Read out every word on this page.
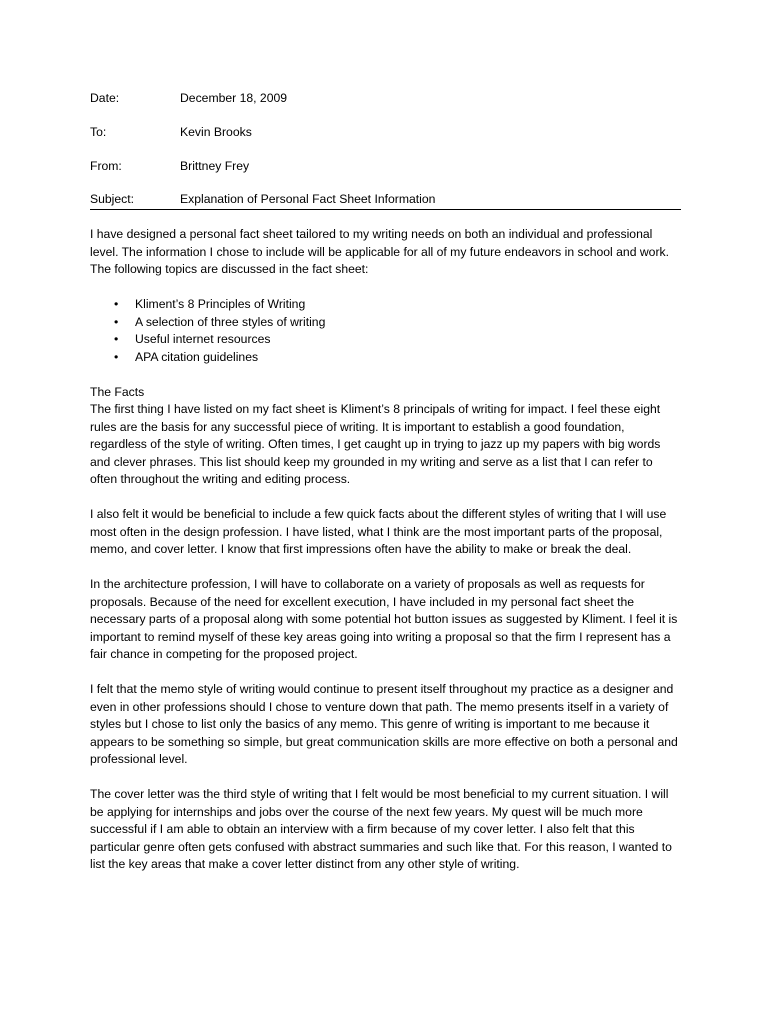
Date:	December 18, 2009
To:	Kevin Brooks
From:	Brittney Frey
Subject:	Explanation of Personal Fact Sheet Information

I have designed a personal fact sheet tailored to my writing needs on both an individual and professional level. The information I chose to include will be applicable for all of my future endeavors in school and work. The following topics are discussed in the fact sheet:

• Kliment’s 8 Principles of Writing
• A selection of three styles of writing
• Useful internet resources
• APA citation guidelines

The Facts

The first thing I have listed on my fact sheet is Kliment’s 8 principals of writing for impact. I feel these eight rules are the basis for any successful piece of writing. It is important to establish a good foundation, regardless of the style of writing. Often times, I get caught up in trying to jazz up my papers with big words and clever phrases. This list should keep my grounded in my writing and serve as a list that I can refer to often throughout the writing and editing process.

I also felt it would be beneficial to include a few quick facts about the different styles of writing that I will use most often in the design profession. I have listed, what I think are the most important parts of the proposal, memo, and cover letter. I know that first impressions often have the ability to make or break the deal.

In the architecture profession, I will have to collaborate on a variety of proposals as well as requests for proposals. Because of the need for excellent execution, I have included in my personal fact sheet the necessary parts of a proposal along with some potential hot button issues as suggested by Kliment. I feel it is important to remind myself of these key areas going into writing a proposal so that the firm I represent has a fair chance in competing for the proposed project.

I felt that the memo style of writing would continue to present itself throughout my practice as a designer and even in other professions should I chose to venture down that path. The memo presents itself in a variety of styles but I chose to list only the basics of any memo. This genre of writing is important to me because it appears to be something so simple, but great communication skills are more effective on both a personal and professional level.

The cover letter was the third style of writing that I felt would be most beneficial to my current situation. I will be applying for internships and jobs over the course of the next few years. My quest will be much more successful if I am able to obtain an interview with a firm because of my cover letter. I also felt that this particular genre often gets confused with abstract summaries and such like that. For this reason, I wanted to list the key areas that make a cover letter distinct from any other style of writing.
